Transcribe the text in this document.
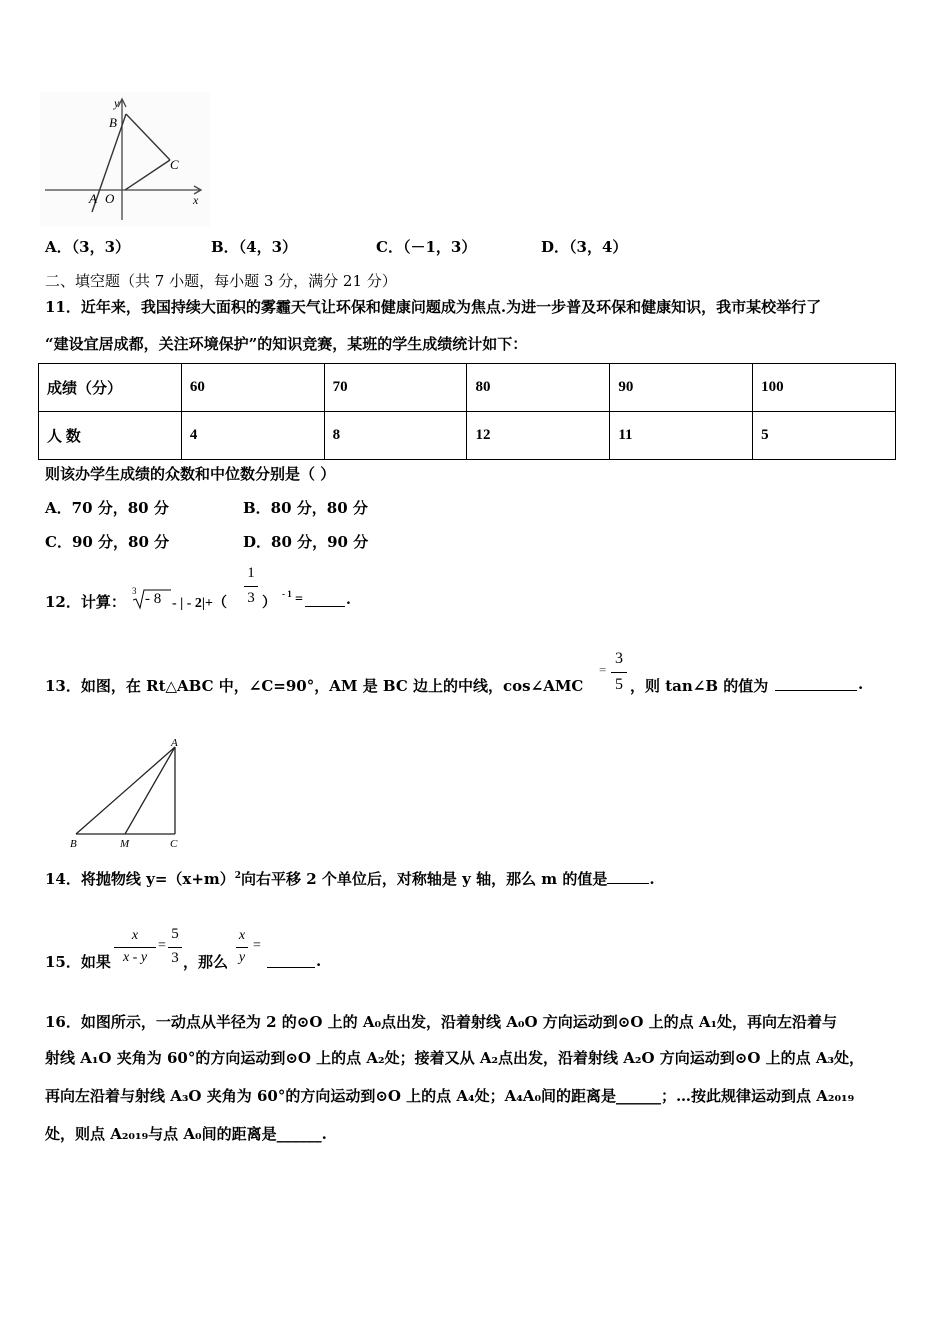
y
x
B
C
A O
A．（3，3）	B．（4，3）	C．（－1，3）	D．（3，4）
二、填空题（共 7 小题，每小题 3 分，满分 21 分）
11．近年来，我国持续大面积的雾霾天气让环保和健康问题成为焦点.为进一步普及环保和健康知识，我市某校举行了
“建设宜居成都，关注环境保护”的知识竞赛，某班的学生成绩统计如下：
成绩（分）	60	70	80	90	100
人 数	4	8	12	11	5
则该办学生成绩的众数和中位数分别是（ ）
A．70 分，80 分	B．80 分，80 分
C．90 分，80 分	D．80 分，90 分
12．计算：
3 - 8 - | - 2|+（
1
3 ）
- 1 =	.
13．如图，在 Rt△ABC 中，∠C=90°，AM 是 BC 边上的中线，cos∠AMC
=
3
5 ，则 tan∠B 的值为	.
A
B	M	C
14．将抛物线 $y=(x+m)^2$向右平移 2 个单位后，对称轴是 y 轴，那么 m 的值是	.
15．如果
x
x - y
=
5
3 ，那么
x
y
=
.
16．如图所示，一动点从半径为 2 的⊙O 上的 A₀点出发，沿着射线 A₀O 方向运动到⊙O 上的点 A₁处，再向左沿着与
射线 A₁O 夹角为 60°的方向运动到⊙O 上的点 A₂处；接着又从 A₂点出发，沿着射线 A₂O 方向运动到⊙O 上的点 A₃处，
再向左沿着与射线 A₃O 夹角为 60°的方向运动到⊙O 上的点 A₄处；A₄A₀间的距离是______；…按此规律运动到点 A₂₀₁₉
处，则点 A₂₀₁₉与点 A₀间的距离是______.
